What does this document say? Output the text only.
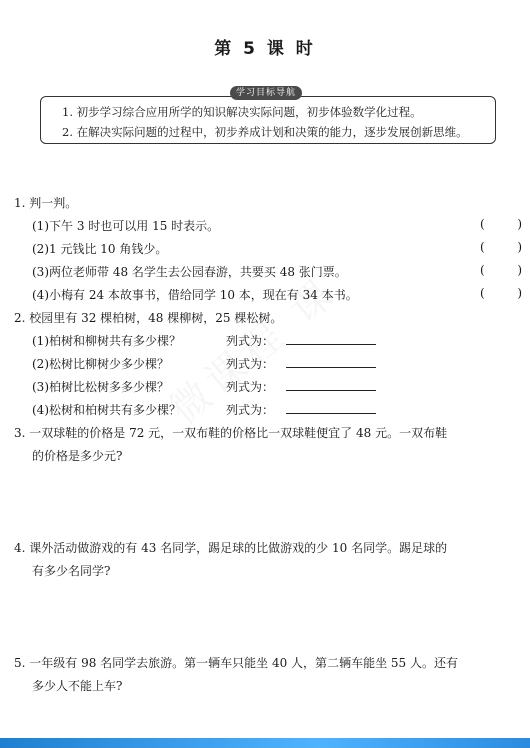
第 5 课 时
学习目标导航
1. 初步学习综合应用所学的知识解决实际问题，初步体验数学化过程。
2. 在解决实际问题的过程中，初步养成计划和决策的能力，逐步发展创新思维。
1. 判一判。
(1)下午 3 时也可以用 15 时表示。	(	)
(2)1 元钱比 10 角钱少。	(	)
(3)两位老师带 48 名学生去公园春游，共要买 48 张门票。	(	)
(4)小梅有 24 本故事书，借给同学 10 本，现在有 34 本书。	(	)
2. 校园里有 32 棵柏树，48 棵柳树，25 棵松树。
(1)柏树和柳树共有多少棵？	列式为：
(2)松树比柳树少多少棵？	列式为：
(3)柏树比松树多多少棵？	列式为：
(4)松树和柏树共有多少棵？	列式为：
3. 一双球鞋的价格是 72 元，一双布鞋的价格比一双球鞋便宜了 48 元。一双布鞋
的价格是多少元?
4. 课外活动做游戏的有 43 名同学，踢足球的比做游戏的少 10 名同学。踢足球的
有多少名同学?
5. 一年级有 98 名同学去旅游。第一辆车只能坐 40 人，第二辆车能坐 55 人。还有
多少人不能上车?
